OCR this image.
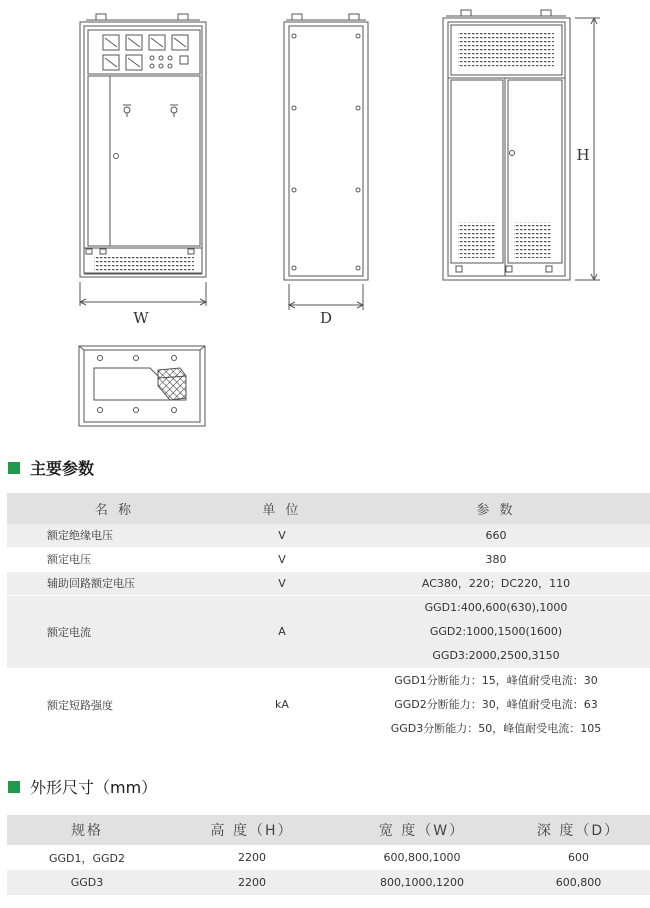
W	D
H
主要参数
名 称	单 位	参 数
额定绝缘电压	V	660
额定电压	V	380
辅助回路额定电压	V	AC380，220；DC220，110
额定电流	A	GGD1:400,600(630),1000
GGD2:1000,1500(1600)
GGD3:2000,2500,3150

额定短路强度	kA	GGD1分断能力：15，峰值耐受电流：30
GGD2分断能力：30，峰值耐受电流：63
GGD3分断能力：50，峰值耐受电流：105
外形尺寸（mm）
规格	高 度（H）	宽 度（W）	深 度（D）
GGD1，GGD2	2200	600,800,1000	600
GGD3	2200	800,1000,1200	600,800
